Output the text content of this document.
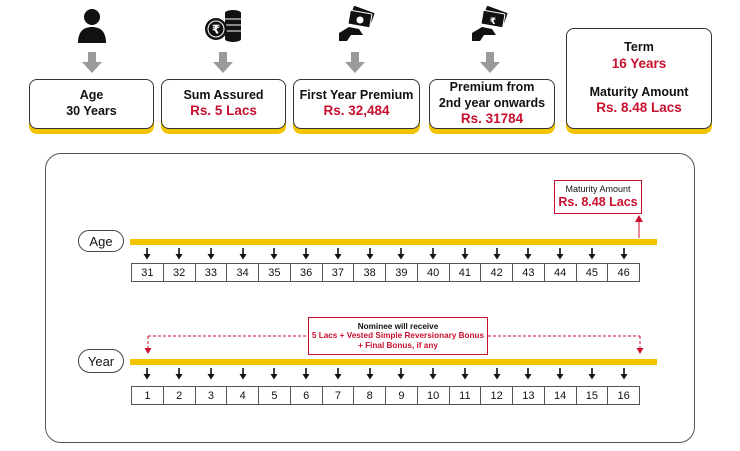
₹
₹
Age
30 Years
Sum Assured
Rs. 5 Lacs
First Year Premium
Rs. 32,484
Premium from
2nd year onwards
Rs. 31784
Term
16 Years
Maturity Amount
Rs. 8.48 Lacs
Maturity Amount
Rs. 8.48 Lacs
Age
31	32	33	34	35	36	37	38	39	40	41	42	43	44	45	46
Nominee will receive
5 Lacs + Vested Simple Reversionary Bonus
+ Final Bonus, if any
Year
1	2	3	4	5	6	7	8	9	10	11	12	13	14	15	16
